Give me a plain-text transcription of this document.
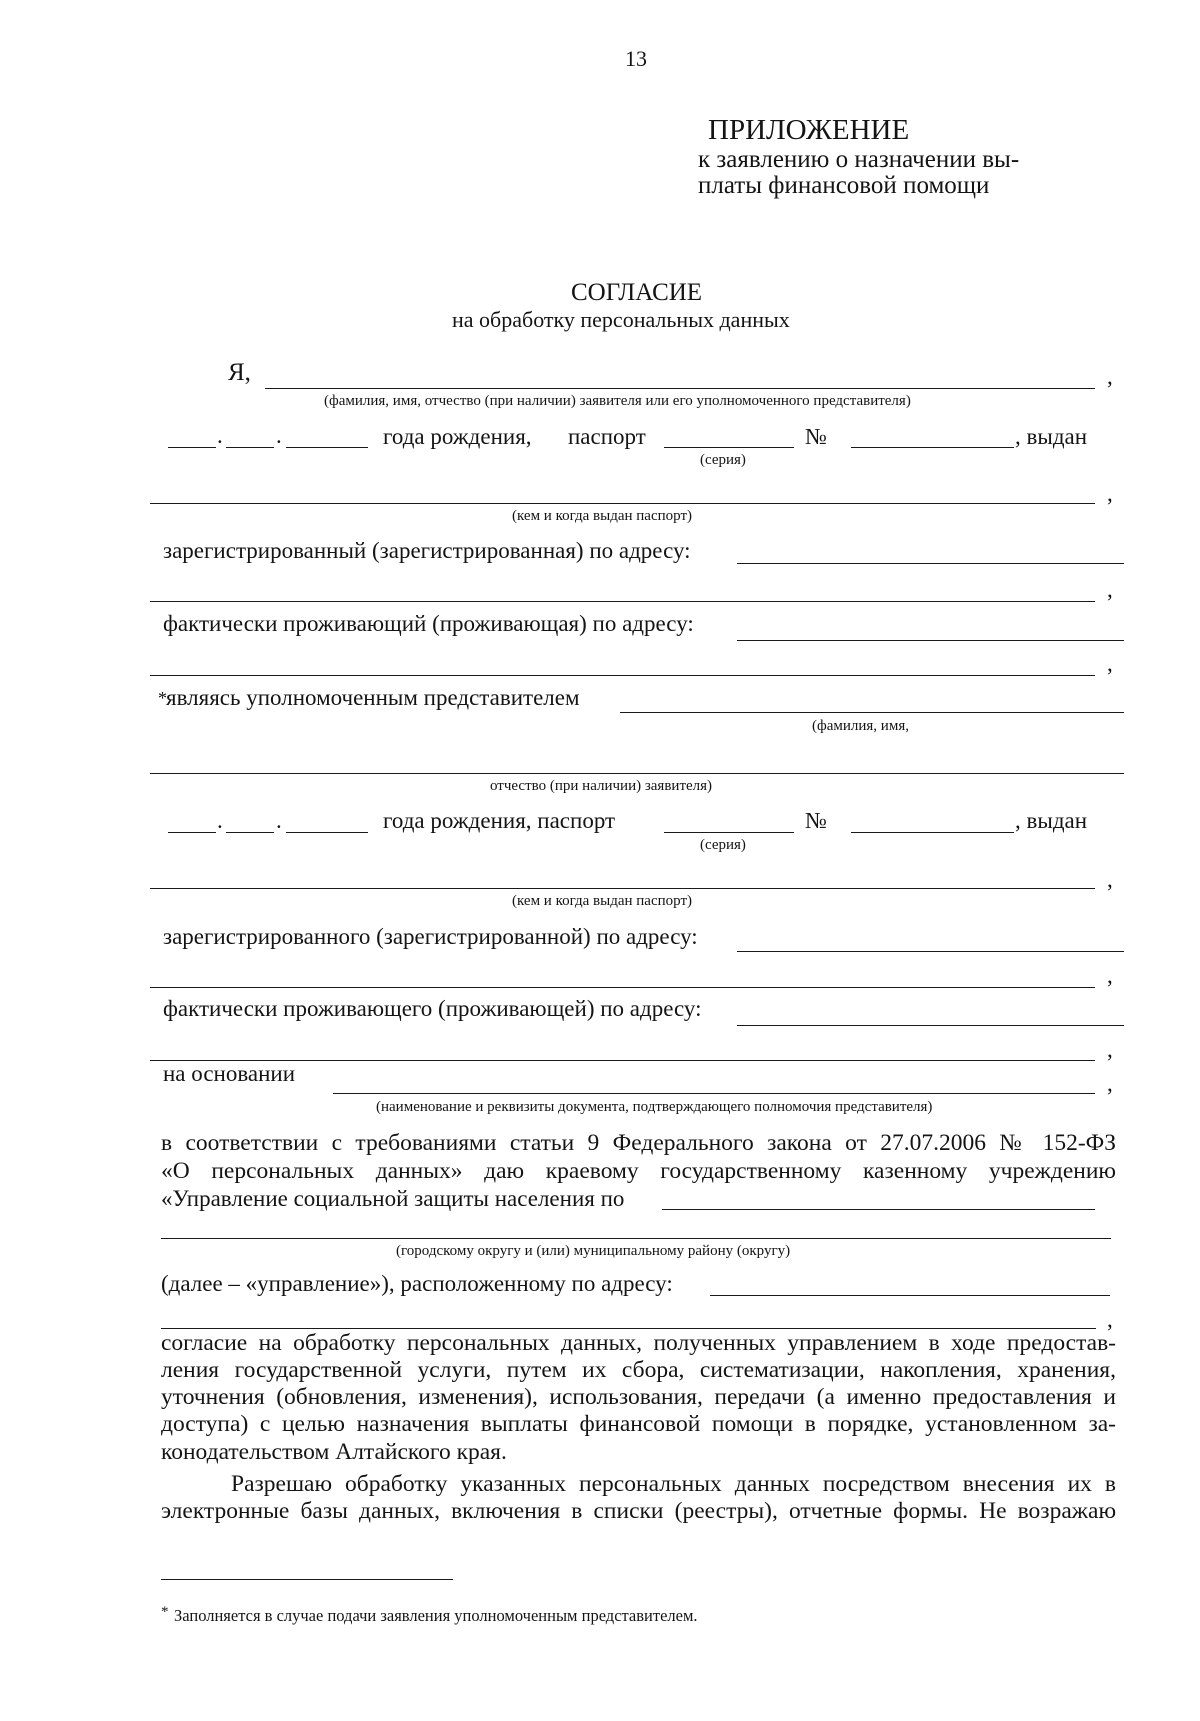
13
ПРИЛОЖЕНИЕ
к заявлению о назначении вы-
платы финансовой помощи
СОГЛАСИЕ
на обработку персональных данных
Я,	,
(фамилия, имя, отчество (при наличии) заявителя или его уполномоченного представителя)
. .	года рождения, паспорт	№	, выдан
(серия)
,
(кем и когда выдан паспорт)
зарегистрированный (зарегистрированная) по адресу:
,
фактически проживающий (проживающая) по адресу:
,
* являясь уполномоченным представителем
(фамилия, имя,
отчество (при наличии) заявителя)
. .	года рождения, паспорт	№	, выдан
(серия)
,
(кем и когда выдан паспорт)
зарегистрированного (зарегистрированной) по адресу:
,
фактически проживающего (проживающей) по адресу:
,
на основании	,
(наименование и реквизиты документа, подтверждающего полномочия представителя)
в соответствии с требованиями статьи 9 Федерального закона от 27.07.2006 № 152-ФЗ
«О персональных данных» даю краевому государственному казенному учреждению
«Управление социальной защиты населения по
(городскому округу и (или) муниципальному району (округу)
(далее – «управление»), расположенному по адресу:
,
согласие на обработку персональных данных, полученных управлением в ходе предостав-
ления государственной услуги, путем их сбора, систематизации, накопления, хранения,
уточнения (обновления, изменения), использования, передачи (а именно предоставления и
доступа) с целью назначения выплаты финансовой помощи в порядке, установленном за-
конодательством Алтайского края.
Разрешаю обработку указанных персональных данных посредством внесения их в
электронные базы данных, включения в списки (реестры), отчетные формы. Не возражаю
* Заполняется в случае подачи заявления уполномоченным представителем.
